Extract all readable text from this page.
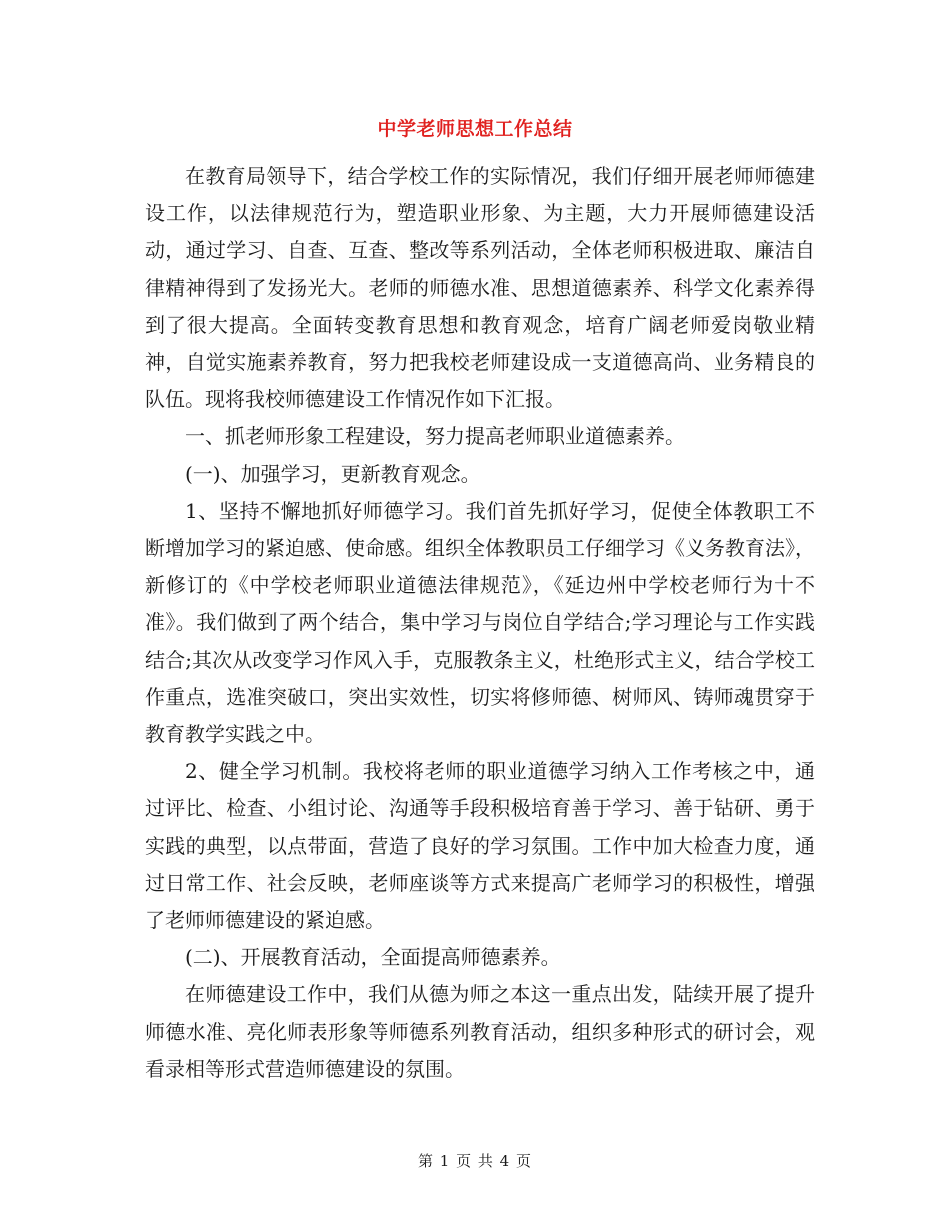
中学老师思想工作总结

在教育局领导下，结合学校工作的实际情况，我们仔细开展老师师德建设工作，以法律规范行为，塑造职业形象、为主题，大力开展师德建设活动，通过学习、自查、互查、整改等系列活动，全体老师积极进取、廉洁自律精神得到了发扬光大。老师的师德水准、思想道德素养、科学文化素养得到了很大提高。全面转变教育思想和教育观念，培育广阔老师爱岗敬业精神，自觉实施素养教育，努力把我校老师建设成一支道德高尚、业务精良的队伍。现将我校师德建设工作情况作如下汇报。

一、抓老师形象工程建设，努力提高老师职业道德素养。

(一)、加强学习，更新教育观念。

1、坚持不懈地抓好师德学习。我们首先抓好学习，促使全体教职工不断增加学习的紧迫感、使命感。组织全体教职员工仔细学习《义务教育法》，新修订的《中学校老师职业道德法律规范》，《延边州中学校老师行为十不准》。我们做到了两个结合，集中学习与岗位自学结合;学习理论与工作实践结合;其次从改变学习作风入手，克服教条主义，杜绝形式主义，结合学校工作重点，选准突破口，突出实效性，切实将修师德、树师风、铸师魂贯穿于教育教学实践之中。

2、健全学习机制。我校将老师的职业道德学习纳入工作考核之中，通过评比、检查、小组讨论、沟通等手段积极培育善于学习、善于钻研、勇于实践的典型，以点带面，营造了良好的学习氛围。工作中加大检查力度，通过日常工作、社会反映，老师座谈等方式来提高广老师学习的积极性，增强了老师师德建设的紧迫感。

(二)、开展教育活动，全面提高师德素养。

在师德建设工作中，我们从德为师之本这一重点出发，陆续开展了提升师德水准、亮化师表形象等师德系列教育活动，组织多种形式的研讨会，观看录相等形式营造师德建设的氛围。

第 1 页 共 4 页
